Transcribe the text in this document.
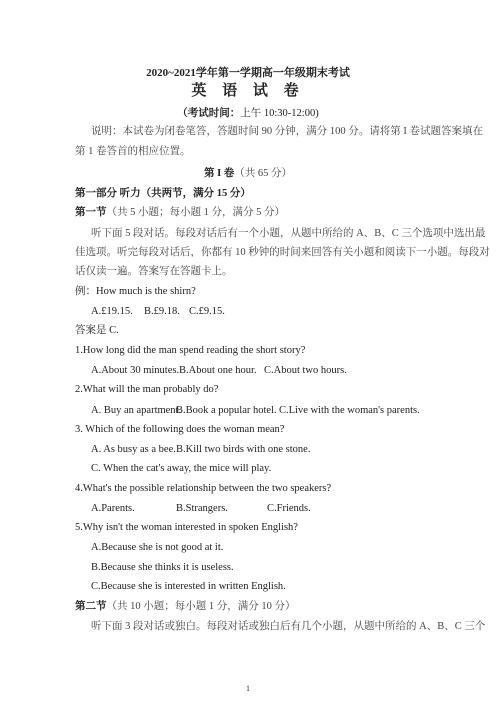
2020~2021学年第一学期高一年级期末考试
英 语 试 卷
（考试时间：上午 10:30-12:00)
说明：本试卷为闭卷笔答，答题时间 90 分钟，满分 100 分。请将第 I 卷试题答案填在
第 1 卷答首的相应位置。
第 I 卷（共 65 分）
第一部分 听力（共两节，满分 15 分）
第一节（共 5 小题；每小题 1 分，满分 5 分）
听下面 5 段对话。每段对话后有一个小题，从题中所给的 A、B、C 三个选项中选出最
佳选项。听完每段对话后，你都有 10 秒钟的时间来回答有关小题和阅读下一小题。每段对
话仅读一遍。答案写在答题卡上。
例：How much is the shirn?
A.£19.15. B.£9.18. C.£9.15.
答案是 C.
1.How long did the man spend reading the short story?
A.About 30 minutes.B.About one hour. C.About two hours.
2.What will the man probably do?
A. Buy an apartment.B.Book a popular hotel. C.Live with the woman's parents.
3. Which of the following does the woman mean?
A. As busy as a bee.B.Kill two birds with one stone.
C. When the cat's away, the mice will play.
4.What's the possible relationship between the two speakers?
A.Parents.	B.Strangers.	C.Friends.
5.Why isn't the woman interested in spoken English?
A.Because she is not good at it.
B.Because she thinks it is useless.
C.Because she is interested in written English.
第二节（共 10 小题；每小题 1 分，满分 10 分）
听下面 3 段对话或独白。每段对话或独白后有几个小题，从题中所给的 A、B、C 三个
1
